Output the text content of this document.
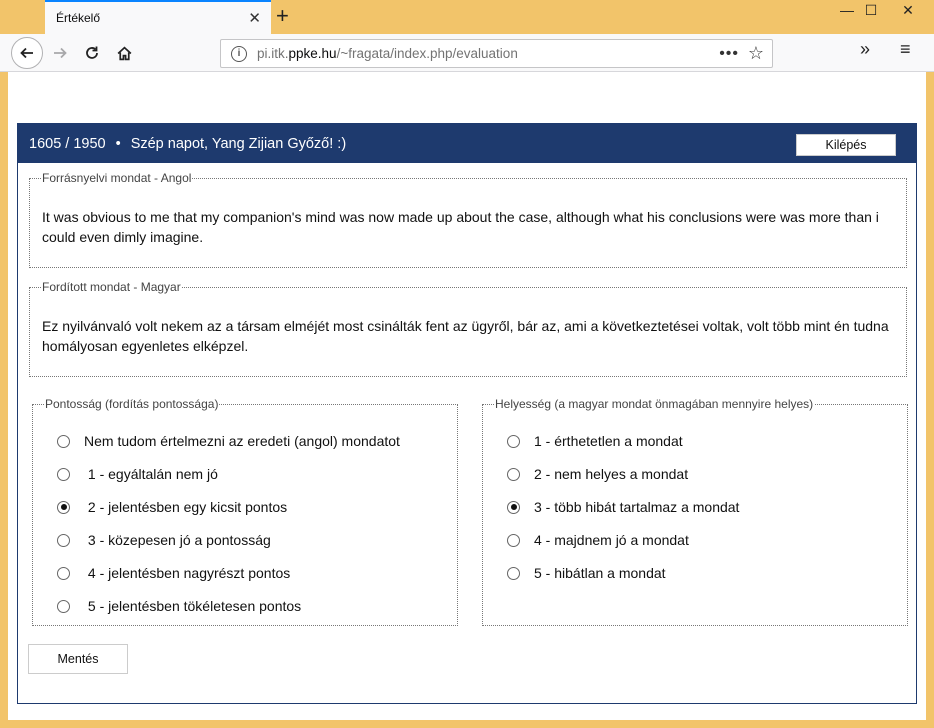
Értékelő	✕ +	— ☐	✕
i	pi.itk. ppke.hu /~fragata/index.php/evaluation	••• ☆	» ≡
1605 / 1950 • Szép napot, Yang Zijian Győző! :)	Kilépés
Forrásnyelvi mondat - Angol
It was obvious to me that my companion's mind was now made up about the case, although what his conclusions were was more than i could even dimly imagine.
Fordított mondat - Magyar
Ez nyilvánvaló volt nekem az a társam elméjét most csinálták fent az ügyről, bár az, ami a következtetései voltak, volt több mint én tudna homályosan egyenletes elképzel.
Pontosság (fordítás pontossága)
Nem tudom értelmezni az eredeti (angol) mondatot
1 - egyáltalán nem jó
2 - jelentésben egy kicsit pontos
3 - közepesen jó a pontosság
4 - jelentésben nagyrészt pontos
5 - jelentésben tökéletesen pontos
Helyesség (a magyar mondat önmagában mennyire helyes)
1 - érthetetlen a mondat
2 - nem helyes a mondat
3 - több hibát tartalmaz a mondat
4 - majdnem jó a mondat
5 - hibátlan a mondat
Mentés
